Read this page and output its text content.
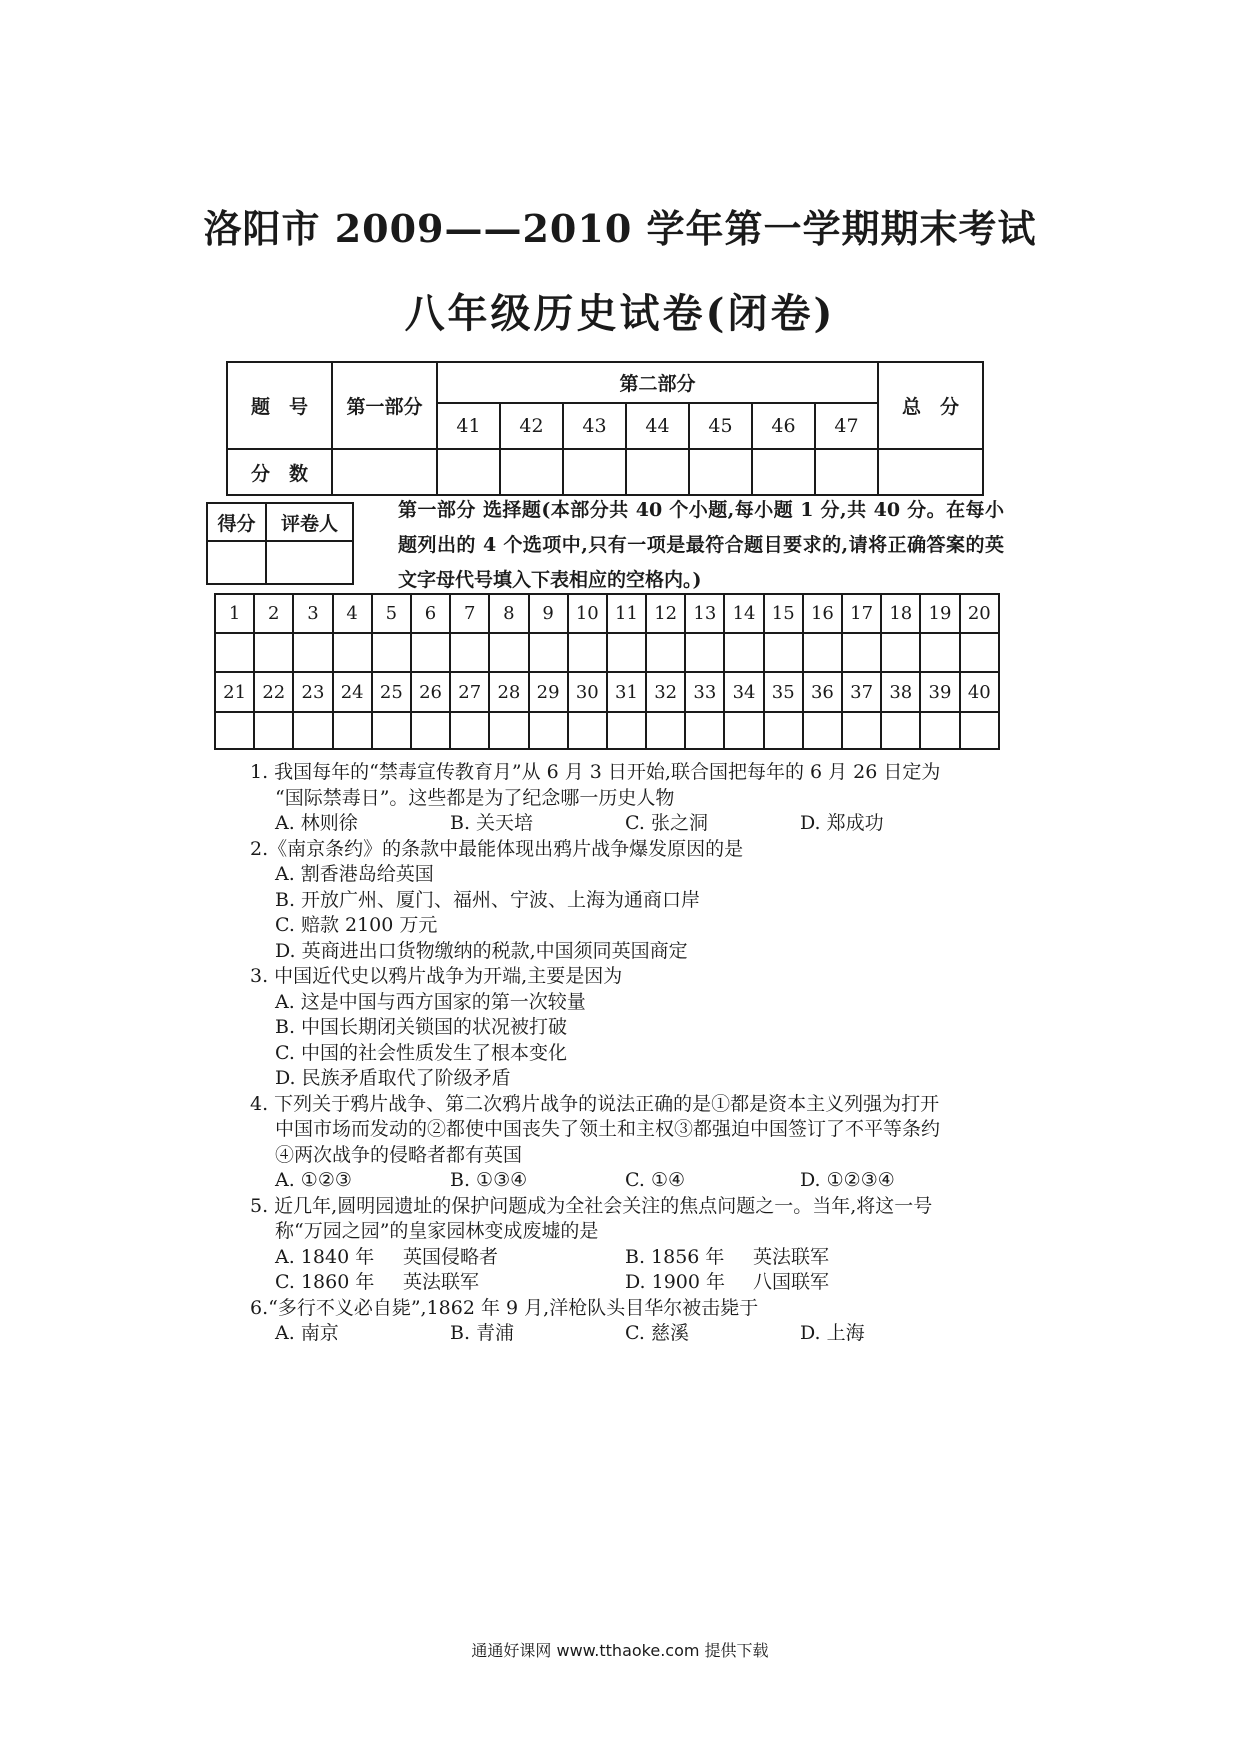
洛阳市 2009——2010 学年第一学期期末考试
八年级历史试卷(闭卷)
题　号	第一部分	第二部分							总　分
		41	42	43	44	45	46	47	
分　数									
得分	评卷人

第一部分 选择题(本部分共 40 个小题,每小题 1 分,共 40 分。在每小题列出的 4 个选项中,只有一项是最符合题目要求的,请将正确答案的英文字母代号填入下表相应的空格内。)

1	2	3	4	5	6	7	8	9	10	11	12	13	14	15	16	17	18	19	20

21	22	23	24	25	26	27	28	29	30	31	32	33	34	35	36	37	38	39	40

1. 我国每年的“禁毒宣传教育月”从 6 月 3 日开始,联合国把每年的 6 月 26 日定为
“国际禁毒日”。这些都是为了纪念哪一历史人物
A. 林则徐	B. 关天培	C. 张之洞	D. 郑成功
2.《南京条约》的条款中最能体现出鸦片战争爆发原因的是
A. 割香港岛给英国
B. 开放广州、厦门、福州、宁波、上海为通商口岸
C. 赔款 2100 万元
D. 英商进出口货物缴纳的税款,中国须同英国商定
3. 中国近代史以鸦片战争为开端,主要是因为
A. 这是中国与西方国家的第一次较量
B. 中国长期闭关锁国的状况被打破
C. 中国的社会性质发生了根本变化
D. 民族矛盾取代了阶级矛盾
4. 下列关于鸦片战争、第二次鸦片战争的说法正确的是①都是资本主义列强为打开
中国市场而发动的②都使中国丧失了领土和主权③都强迫中国签订了不平等条约
④两次战争的侵略者都有英国
A. ①②③	B. ①③④	C. ①④	D. ①②③④
5. 近几年,圆明园遗址的保护问题成为全社会关注的焦点问题之一。当年,将这一号
称“万园之园”的皇家园林变成废墟的是
A. 1840 年 英国侵略者	B. 1856 年 英法联军
C. 1860 年 英法联军	D. 1900 年 八国联军
6.“多行不义必自毙”,1862 年 9 月,洋枪队头目华尔被击毙于
A. 南京	B. 青浦	C. 慈溪	D. 上海

通通好课网 www.tthaoke.com 提供下载
